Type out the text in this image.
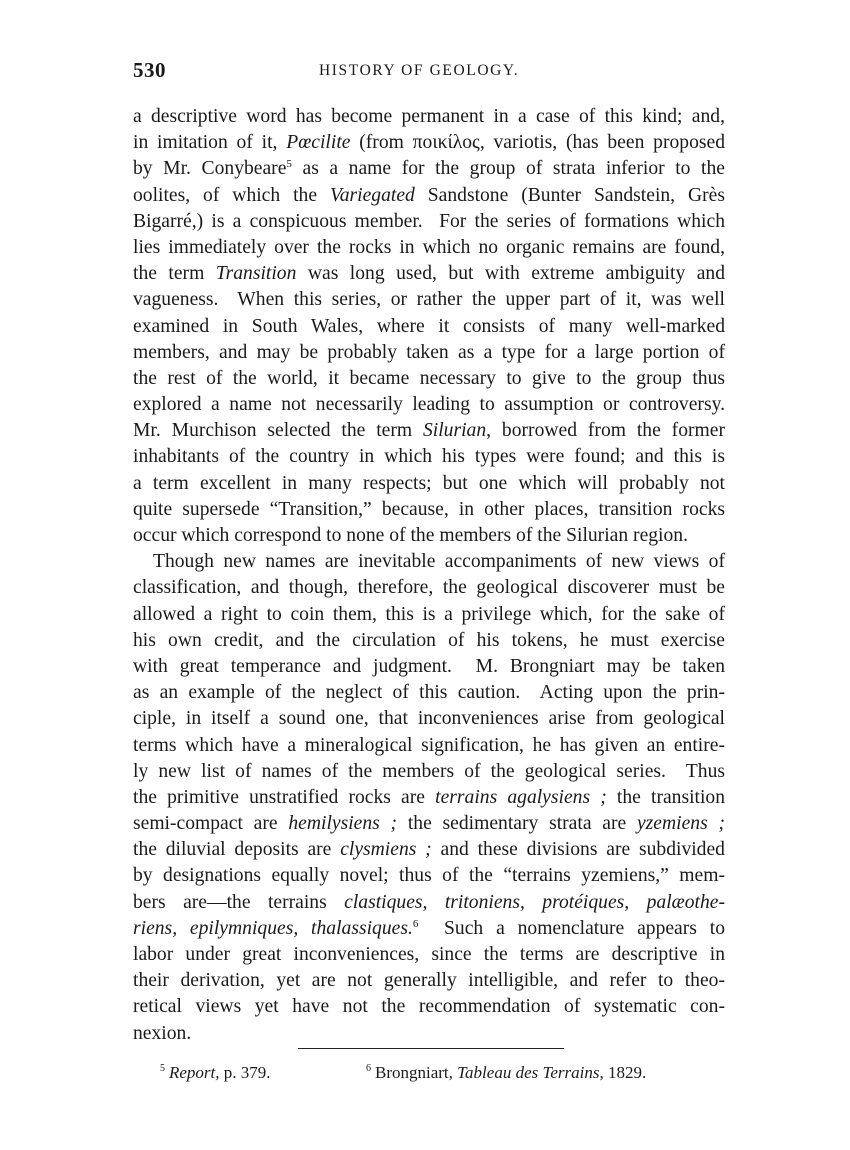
530	HISTORY OF GEOLOGY.
a descriptive word has become permanent in a case of this kind; and,
in imitation of it, Pœcilite (from ποικίλος, variotis, (has been proposed
by Mr. Conybeare$^5$ as a name for the group of strata inferior to the
oolites, of which the Variegated Sandstone (Bunter Sandstein, Grès
Bigarré,) is a conspicuous member.  For the series of formations which
lies immediately over the rocks in which no organic remains are found,
the term Transition was long used, but with extreme ambiguity and
vagueness.  When this series, or rather the upper part of it, was well
examined in South Wales, where it consists of many well-marked
members, and may be probably taken as a type for a large portion of
the rest of the world, it became necessary to give to the group thus
explored a name not necessarily leading to assumption or controversy.
Mr. Murchison selected the term Silurian, borrowed from the former
inhabitants of the country in which his types were found; and this is
a term excellent in many respects; but one which will probably not
quite supersede “Transition,” because, in other places, transition rocks
occur which correspond to none of the members of the Silurian region.
Though new names are inevitable accompaniments of new views of
classification, and though, therefore, the geological discoverer must be
allowed a right to coin them, this is a privilege which, for the sake of
his own credit, and the circulation of his tokens, he must exercise
with great temperance and judgment.  M. Brongniart may be taken
as an example of the neglect of this caution.  Acting upon the prin-
ciple, in itself a sound one, that inconveniences arise from geological
terms which have a mineralogical signification, he has given an entire-
ly new list of names of the members of the geological series.  Thus
the primitive unstratified rocks are terrains agalysiens ; the transition
semi-compact are hemilysiens ; the sedimentary strata are yzemiens ;
the diluvial deposits are clysmiens ; and these divisions are subdivided
by designations equally novel; thus of the “terrains yzemiens,” mem-
bers are—the terrains clastiques, tritoniens, protéiques, palæothe-
riens, epilymniques, thalassiques.$^6$  Such a nomenclature appears to
labor under great inconveniences, since the terms are descriptive in
their derivation, yet are not generally intelligible, and refer to theo-
retical views yet have not the recommendation of systematic con-
nexion.
$^5$ Report, p. 379.	$^6$ Brongniart, Tableau des Terrains, 1829.
